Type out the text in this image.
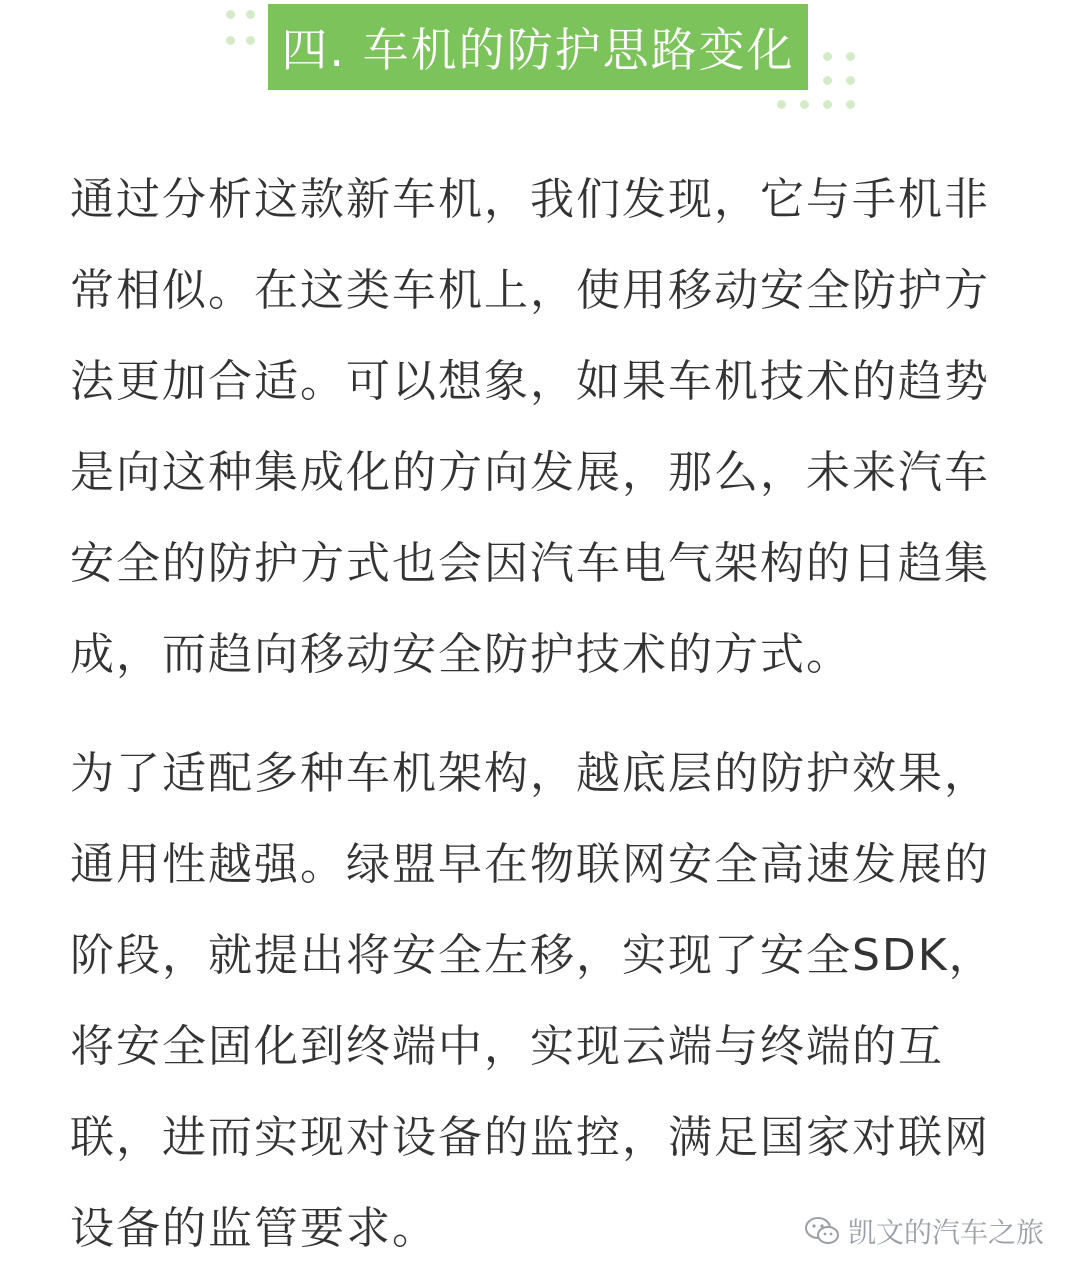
四. 车机的防护思路变化

通过分析这款新车机，我们发现，它与手机非
常相似。在这类车机上，使用移动安全防护方
法更加合适。可以想象，如果车机技术的趋势
是向这种集成化的方向发展，那么，未来汽车
安全的防护方式也会因汽车电气架构的日趋集
成，而趋向移动安全防护技术的方式。

为了适配多种车机架构，越底层的防护效果，
通用性越强。绿盟早在物联网安全高速发展的
阶段，就提出将安全左移，实现了安全SDK，
将安全固化到终端中，实现云端与终端的互
联，进而实现对设备的监控，满足国家对联网
设备的监管要求。	凯文的汽车之旅
